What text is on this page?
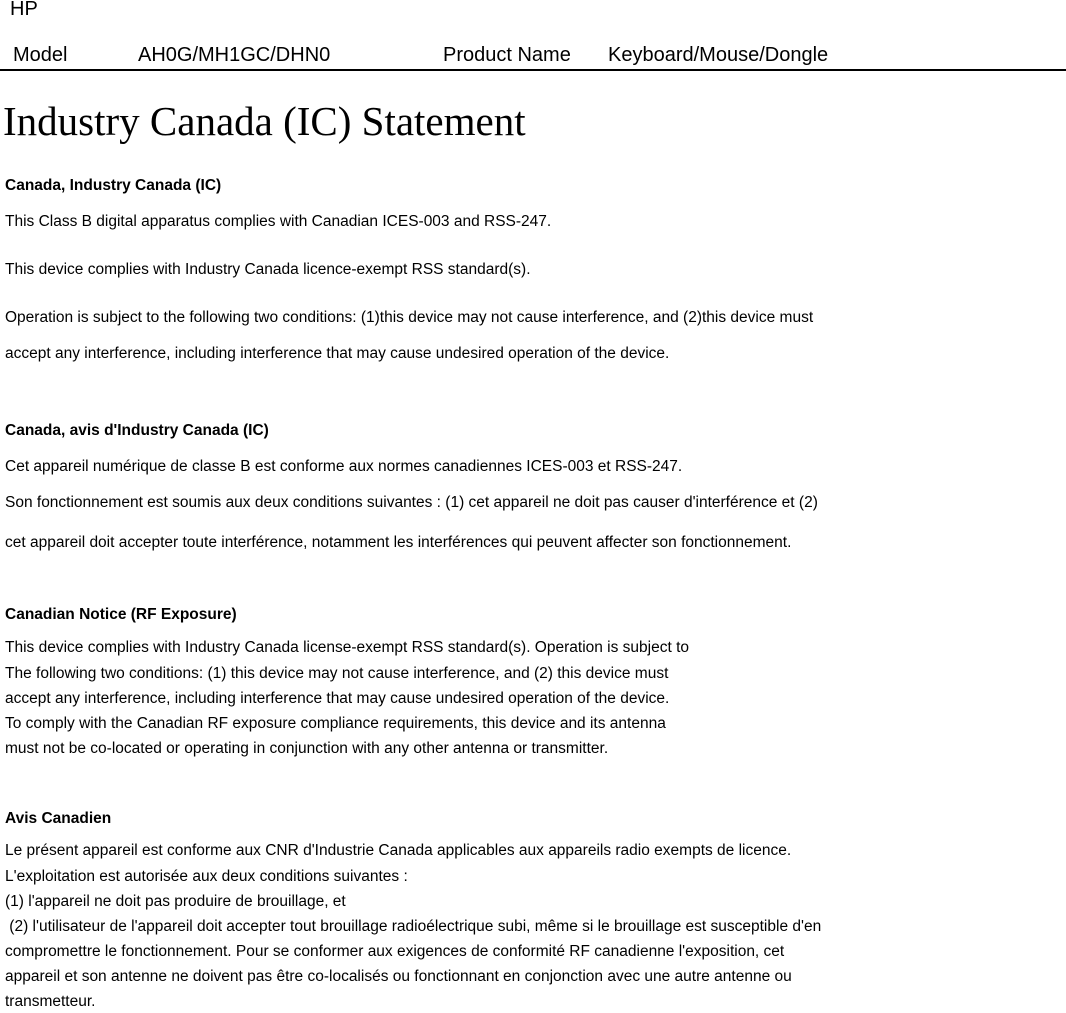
HP
Model	AH0G/MH1GC/DHN0	Product Name Keyboard/Mouse/Dongle
Industry Canada (IC) Statement
Canada, Industry Canada (IC)
This Class B digital apparatus complies with Canadian ICES-003 and RSS-247.
This device complies with Industry Canada licence-exempt RSS standard(s).
Operation is subject to the following two conditions: (1)this device may not cause interference, and (2)this device must
accept any interference, including interference that may cause undesired operation of the device.
Canada, avis d'Industry Canada (IC)
Cet appareil numérique de classe B est conforme aux normes canadiennes ICES-003 et RSS-247.
Son fonctionnement est soumis aux deux conditions suivantes : (1) cet appareil ne doit pas causer d'interférence et (2)
cet appareil doit accepter toute interférence, notamment les interférences qui peuvent affecter son fonctionnement.
Canadian Notice (RF Exposure)
This device complies with Industry Canada license-exempt RSS standard(s). Operation is subject to
The following two conditions: (1) this device may not cause interference, and (2) this device must
accept any interference, including interference that may cause undesired operation of the device.
To comply with the Canadian RF exposure compliance requirements, this device and its antenna
must not be co-located or operating in conjunction with any other antenna or transmitter.
Avis Canadien
Le présent appareil est conforme aux CNR d'Industrie Canada applicables aux appareils radio exempts de licence.
L'exploitation est autorisée aux deux conditions suivantes :
(1) l'appareil ne doit pas produire de brouillage, et
(2) l'utilisateur de l'appareil doit accepter tout brouillage radioélectrique subi, même si le brouillage est susceptible d'en
compromettre le fonctionnement. Pour se conformer aux exigences de conformité RF canadienne l'exposition, cet
appareil et son antenne ne doivent pas être co-localisés ou fonctionnant en conjonction avec une autre antenne ou
transmetteur.
